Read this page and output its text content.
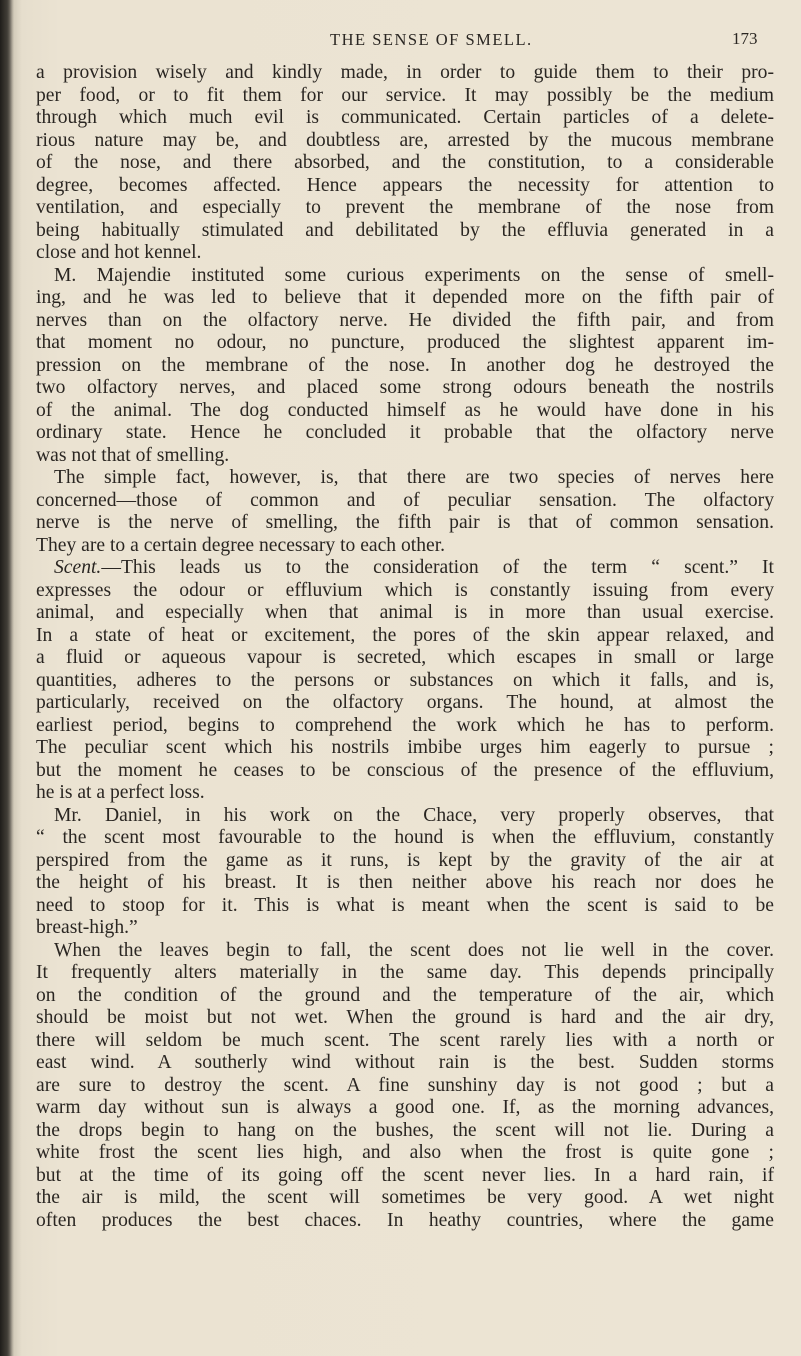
THE SENSE OF SMELL.	173
a provision wisely and kindly made, in order to guide them to their pro-
per food, or to fit them for our service. It may possibly be the medium
through which much evil is communicated. Certain particles of a delete-
rious nature may be, and doubtless are, arrested by the mucous membrane
of the nose, and there absorbed, and the constitution, to a considerable
degree, becomes affected. Hence appears the necessity for attention to
ventilation, and especially to prevent the membrane of the nose from
being habitually stimulated and debilitated by the effluvia generated in a
close and hot kennel.
M. Majendie instituted some curious experiments on the sense of smell-
ing, and he was led to believe that it depended more on the fifth pair of
nerves than on the olfactory nerve. He divided the fifth pair, and from
that moment no odour, no puncture, produced the slightest apparent im-
pression on the membrane of the nose. In another dog he destroyed the
two olfactory nerves, and placed some strong odours beneath the nostrils
of the animal. The dog conducted himself as he would have done in his
ordinary state. Hence he concluded it probable that the olfactory nerve
was not that of smelling.
The simple fact, however, is, that there are two species of nerves here
concerned—those of common and of peculiar sensation. The olfactory
nerve is the nerve of smelling, the fifth pair is that of common sensation.
They are to a certain degree necessary to each other.
Scent.—This leads us to the consideration of the term “ scent.” It
expresses the odour or effluvium which is constantly issuing from every
animal, and especially when that animal is in more than usual exercise.
In a state of heat or excitement, the pores of the skin appear relaxed, and
a fluid or aqueous vapour is secreted, which escapes in small or large
quantities, adheres to the persons or substances on which it falls, and is,
particularly, received on the olfactory organs. The hound, at almost the
earliest period, begins to comprehend the work which he has to perform.
The peculiar scent which his nostrils imbibe urges him eagerly to pursue ;
but the moment he ceases to be conscious of the presence of the effluvium,
he is at a perfect loss.
Mr. Daniel, in his work on the Chace, very properly observes, that
“ the scent most favourable to the hound is when the effluvium, constantly
perspired from the game as it runs, is kept by the gravity of the air at
the height of his breast. It is then neither above his reach nor does he
need to stoop for it. This is what is meant when the scent is said to be
breast-high.”
When the leaves begin to fall, the scent does not lie well in the cover.
It frequently alters materially in the same day. This depends principally
on the condition of the ground and the temperature of the air, which
should be moist but not wet. When the ground is hard and the air dry,
there will seldom be much scent. The scent rarely lies with a north or
east wind. A southerly wind without rain is the best. Sudden storms
are sure to destroy the scent. A fine sunshiny day is not good ; but a
warm day without sun is always a good one. If, as the morning advances,
the drops begin to hang on the bushes, the scent will not lie. During a
white frost the scent lies high, and also when the frost is quite gone ;
but at the time of its going off the scent never lies. In a hard rain, if
the air is mild, the scent will sometimes be very good. A wet night
often produces the best chaces. In heathy countries, where the game
